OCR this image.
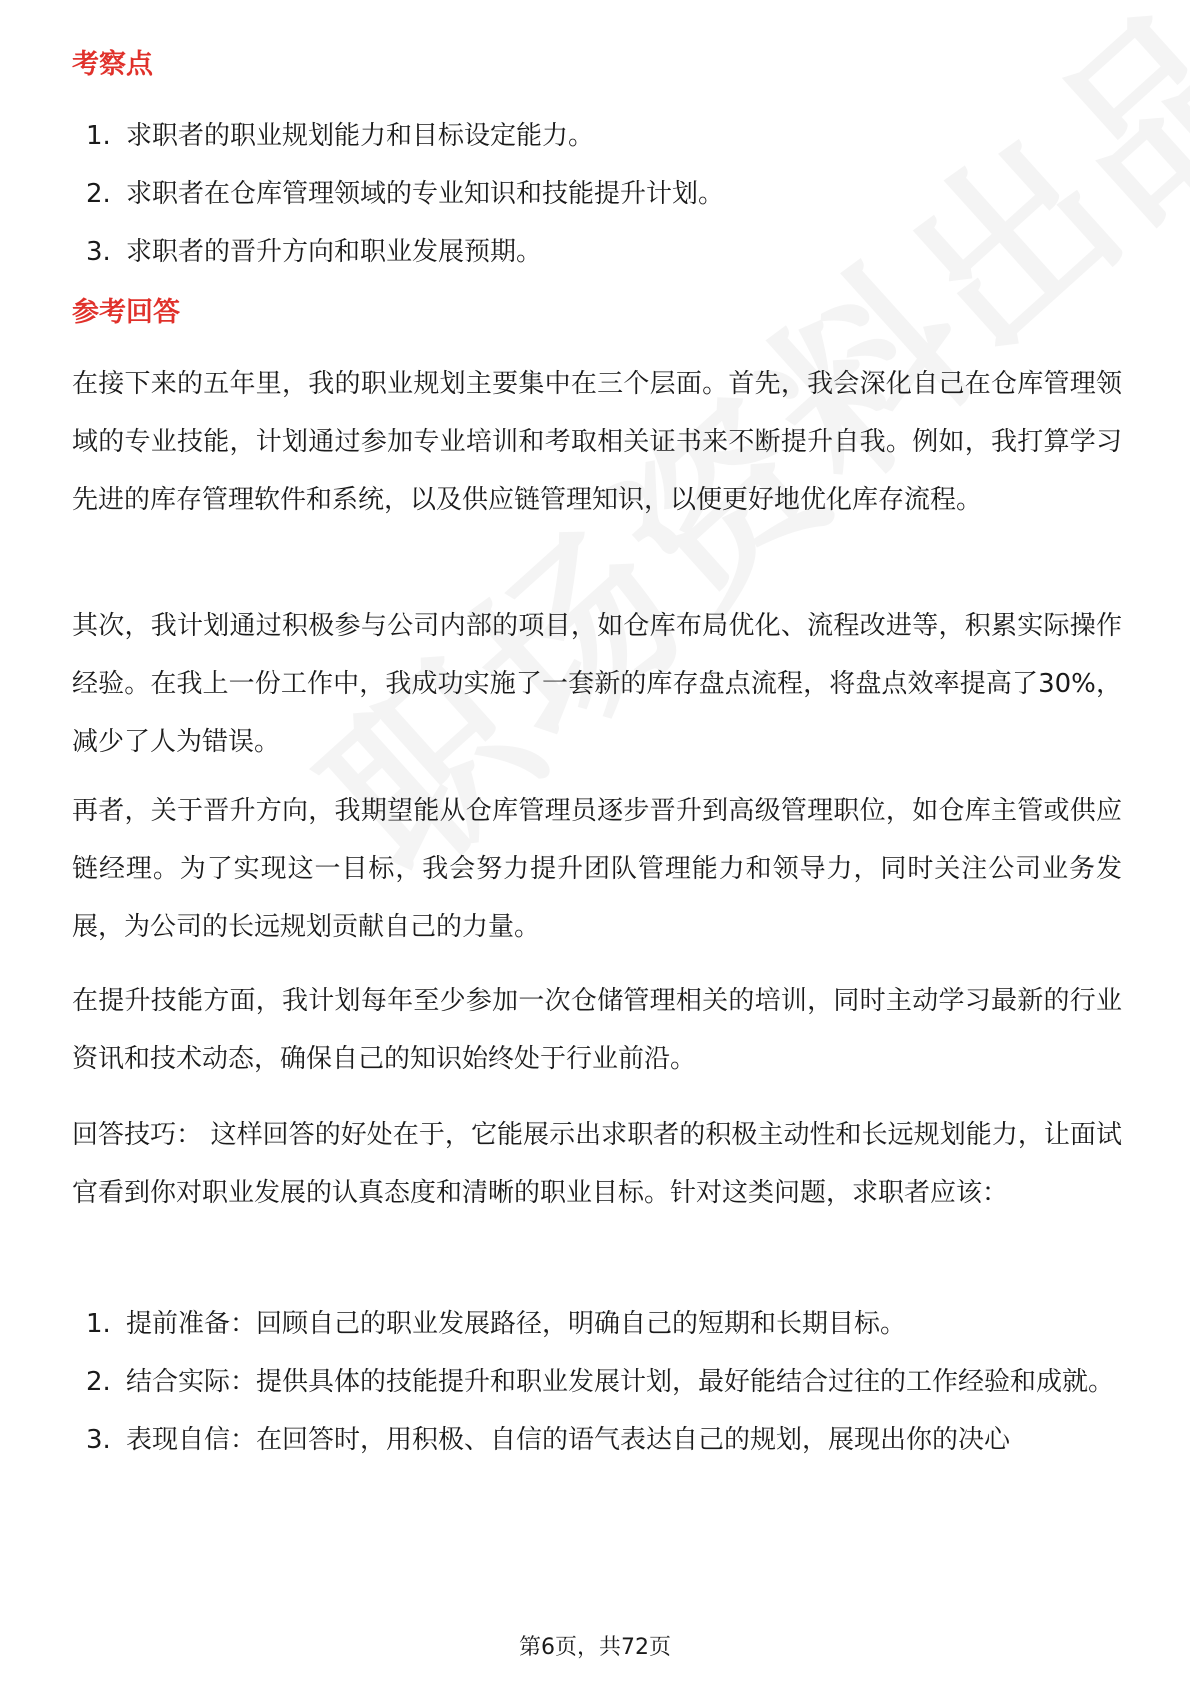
考察点
1. 求职者的职业规划能力和目标设定能力。
2. 求职者在仓库管理领域的专业知识和技能提升计划。
3. 求职者的晋升方向和职业发展预期。
参考回答

在接下来的五年里，我的职业规划主要集中在三个层面。首先，我会深化自己在仓库管理领域的专业技能，计划通过参加专业培训和考取相关证书来不断提升自我。例如，我打算学习先进的库存管理软件和系统，以及供应链管理知识，以便更好地优化库存流程。

其次，我计划通过积极参与公司内部的项目，如仓库布局优化、流程改进等，积累实际操作经验。在我上一份工作中，我成功实施了一套新的库存盘点流程，将盘点效率提高了30%，减少了人为错误。

再者，关于晋升方向，我期望能从仓库管理员逐步晋升到高级管理职位，如仓库主管或供应链经理。为了实现这一目标，我会努力提升团队管理能力和领导力，同时关注公司业务发展，为公司的长远规划贡献自己的力量。

在提升技能方面，我计划每年至少参加一次仓储管理相关的培训，同时主动学习最新的行业资讯和技术动态，确保自己的知识始终处于行业前沿。

回答技巧： 这样回答的好处在于，它能展示出求职者的积极主动性和长远规划能力，让面试官看到你对职业发展的认真态度和清晰的职业目标。针对这类问题，求职者应该：

1. 提前准备：回顾自己的职业发展路径，明确自己的短期和长期目标。
2. 结合实际：提供具体的技能提升和职业发展计划，最好能结合过往的工作经验和成就。
3. 表现自信：在回答时，用积极、自信的语气表达自己的规划，展现出你的决心
第6页，共72页
